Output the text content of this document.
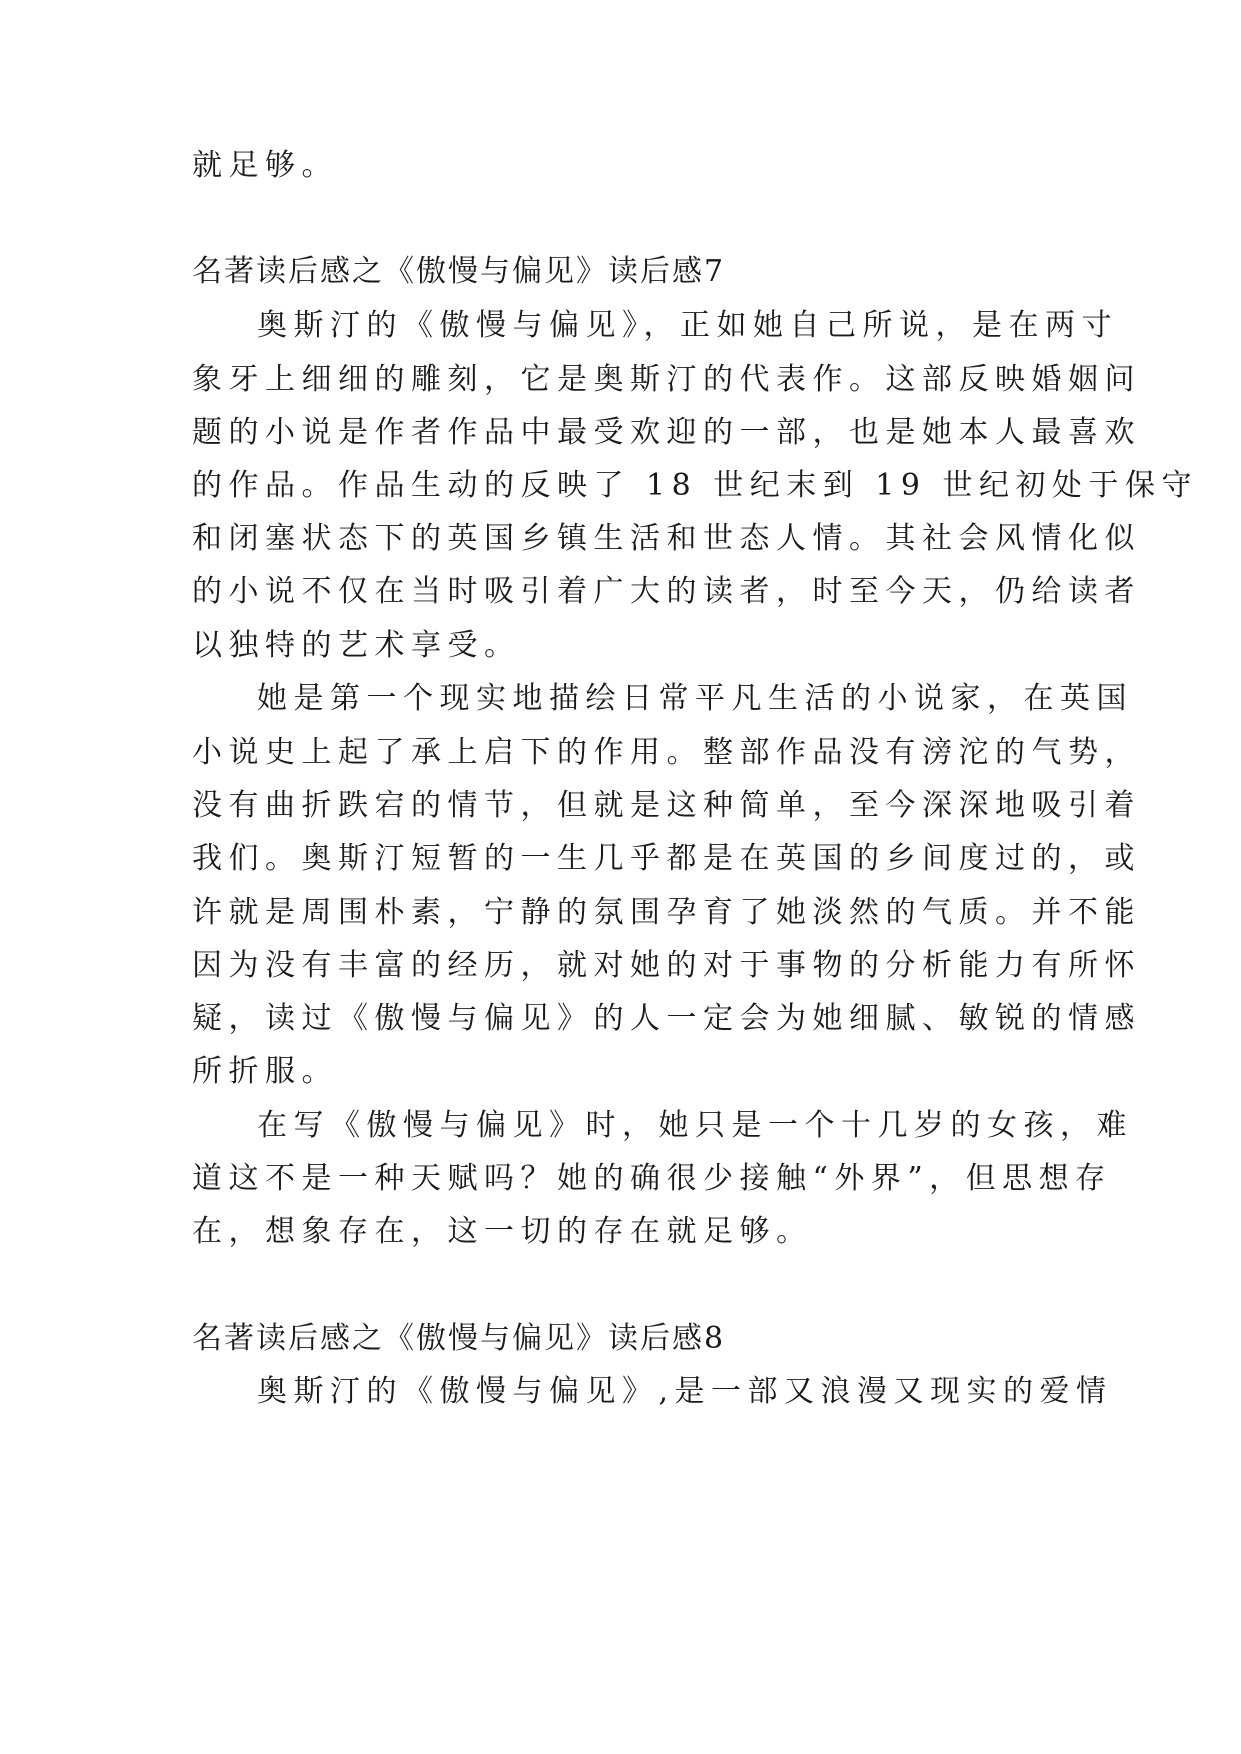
就足够。
名著读后感之《傲慢与偏见》读后感7
奥斯汀的《傲慢与偏见》，正如她自己所说，是在两寸
象牙上细细的雕刻，它是奥斯汀的代表作。这部反映婚姻问
题的小说是作者作品中最受欢迎的一部，也是她本人最喜欢
的作品。作品生动的反映了 18 世纪末到 19 世纪初处于保守
和闭塞状态下的英国乡镇生活和世态人情。其社会风情化似
的小说不仅在当时吸引着广大的读者，时至今天，仍给读者
以独特的艺术享受。
她是第一个现实地描绘日常平凡生活的小说家，在英国
小说史上起了承上启下的作用。整部作品没有滂沱的气势，
没有曲折跌宕的情节，但就是这种简单，至今深深地吸引着
我们。奥斯汀短暂的一生几乎都是在英国的乡间度过的，或
许就是周围朴素，宁静的氛围孕育了她淡然的气质。并不能
因为没有丰富的经历，就对她的对于事物的分析能力有所怀
疑，读过《傲慢与偏见》的人一定会为她细腻、敏锐的情感
所折服。
在写《傲慢与偏见》时，她只是一个十几岁的女孩，难
道这不是一种天赋吗？她的确很少接触“外界”，但思想存
在，想象存在，这一切的存在就足够。
名著读后感之《傲慢与偏见》读后感8
奥斯汀的《傲慢与偏见》,是一部又浪漫又现实的爱情
